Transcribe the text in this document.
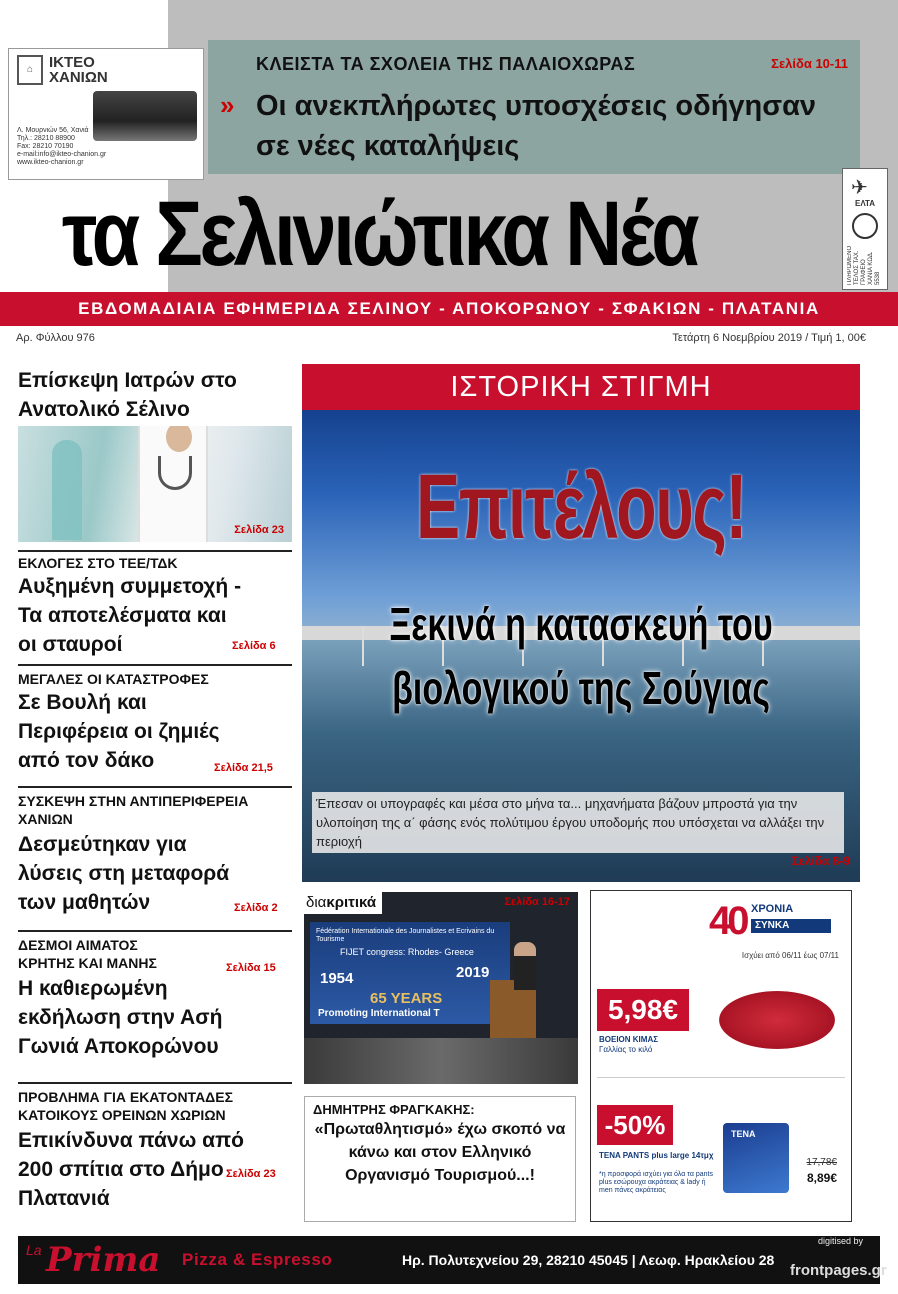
⌂	ΙΚΤΕΟ
ΧΑΝΙΩΝ
Λ. Μουρνιών 56, Χανιά
Τηλ.: 28210 88900
Fax: 28210 70190
e-mail:info@ikteo-chanion.gr
www.ikteo-chanion.gr
ΚΛΕΙΣΤΑ ΤΑ ΣΧΟΛΕΙΑ ΤΗΣ ΠΑΛΑΙΟΧΩΡΑΣ	Σελίδα 10-11
» Οι ανεκπλήρωτες υποσχέσεις οδήγησαν σε νέες καταλήψεις
τα Σελινιώτικα Νέα	✈
ΕΛΤΑ
ΠΛΗΡΩΜΕΝΟ ΤΕΛΟΣ ΤΑΧ. ΓΡΑΦΕΙΟ ΧΑΝΙΑ ΚΩΔ. 5538
ΕΒΔΟΜΑΔΙΑΙΑ ΕΦΗΜΕΡΙΔΑ ΣΕΛΙΝΟΥ - ΑΠΟΚΟΡΩΝΟΥ - ΣΦΑΚΙΩΝ - ΠΛΑΤΑΝΙΑ
Αρ. Φύλλου 976	Τετάρτη 6 Νοεμβρίου 2019 / Τιμή 1, 00€
Επίσκεψη Ιατρών στο Ανατολικό Σέλινο
Σελίδα 23
ΕΚΛΟΓΕΣ ΣΤΟ ΤΕΕ/ΤΔΚ
Αυξημένη συμμετοχή - Τα αποτελέσματα και οι σταυροί	Σελίδα 6
ΜΕΓΑΛΕΣ ΟΙ ΚΑΤΑΣΤΡΟΦΕΣ
Σε Βουλή και Περιφέρεια οι ζημιές από τον δάκο	Σελίδα 21,5
ΣΥΣΚΕΨΗ ΣΤΗΝ ΑΝΤΙΠΕΡΙΦΕΡΕΙΑ ΧΑΝΙΩΝ
Δεσμεύτηκαν για λύσεις στη μεταφορά των μαθητών	Σελίδα 2
ΔΕΣΜΟΙ ΑΙΜΑΤΟΣ ΚΡΗΤΗΣ ΚΑΙ ΜΑΝΗΣ
Η καθιερωμένη εκδήλωση στην Ασή Γωνιά Αποκορώνου
Σελίδα 15
ΠΡΟΒΛΗΜΑ ΓΙΑ ΕΚΑΤΟΝΤΑΔΕΣ ΚΑΤΟΙΚΟΥΣ ΟΡΕΙΝΩΝ ΧΩΡΙΩΝ
Επικίνδυνα πάνω από 200 σπίτια στο Δήμο Πλατανιά
Σελίδα 23
ΙΣΤΟΡΙΚΗ ΣΤΙΓΜΗ
Επιτέλους!
Ξεκινά η κατασκευή του βιολογικού της Σούγιας
Έπεσαν οι υπογραφές και μέσα στο μήνα τα... μηχανήματα βάζουν μπροστά για την υλοποίηση της α΄ φάσης ενός πολύτιμου έργου υποδομής που υπόσχεται να αλλάξει την περιοχή
Σελίδα 8-9
Fédération Internationale des Journalistes et Ecrivains du Tourisme
FIJET congress: Rhodes- Greece
1954	2019
65 YEARS
Promoting International T
διακριτικά	Σελίδα 16-17
ΔΗΜΗΤΡΗΣ ΦΡΑΓΚΑΚΗΣ:
«Πρωταθλητισμό» έχω σκοπό να κάνω και στον Ελληνικό Οργανισμό Τουρισμού...!
40 ΧΡΟΝΙΑ
ΣΥΝΚΑ
Ισχύει από 06/11 έως 07/11
5,98€
ΒΟΕΙΟΝ ΚΙΜΑΣ
Γαλλίας το κιλό
-50%
TENA PANTS plus large 14τμχ
*η προσφορά ισχύει για όλα τα pants plus εσώρουχα ακράτειας & lady ή men πάνες ακράτειας
TENA
17,78€
8,89€
La Prima Pizza & Espresso	Ηρ. Πολυτεχνείου 29, 28210 45045 | Λεωφ. Ηρακλείου 28
digitised by
frontpages.gr
